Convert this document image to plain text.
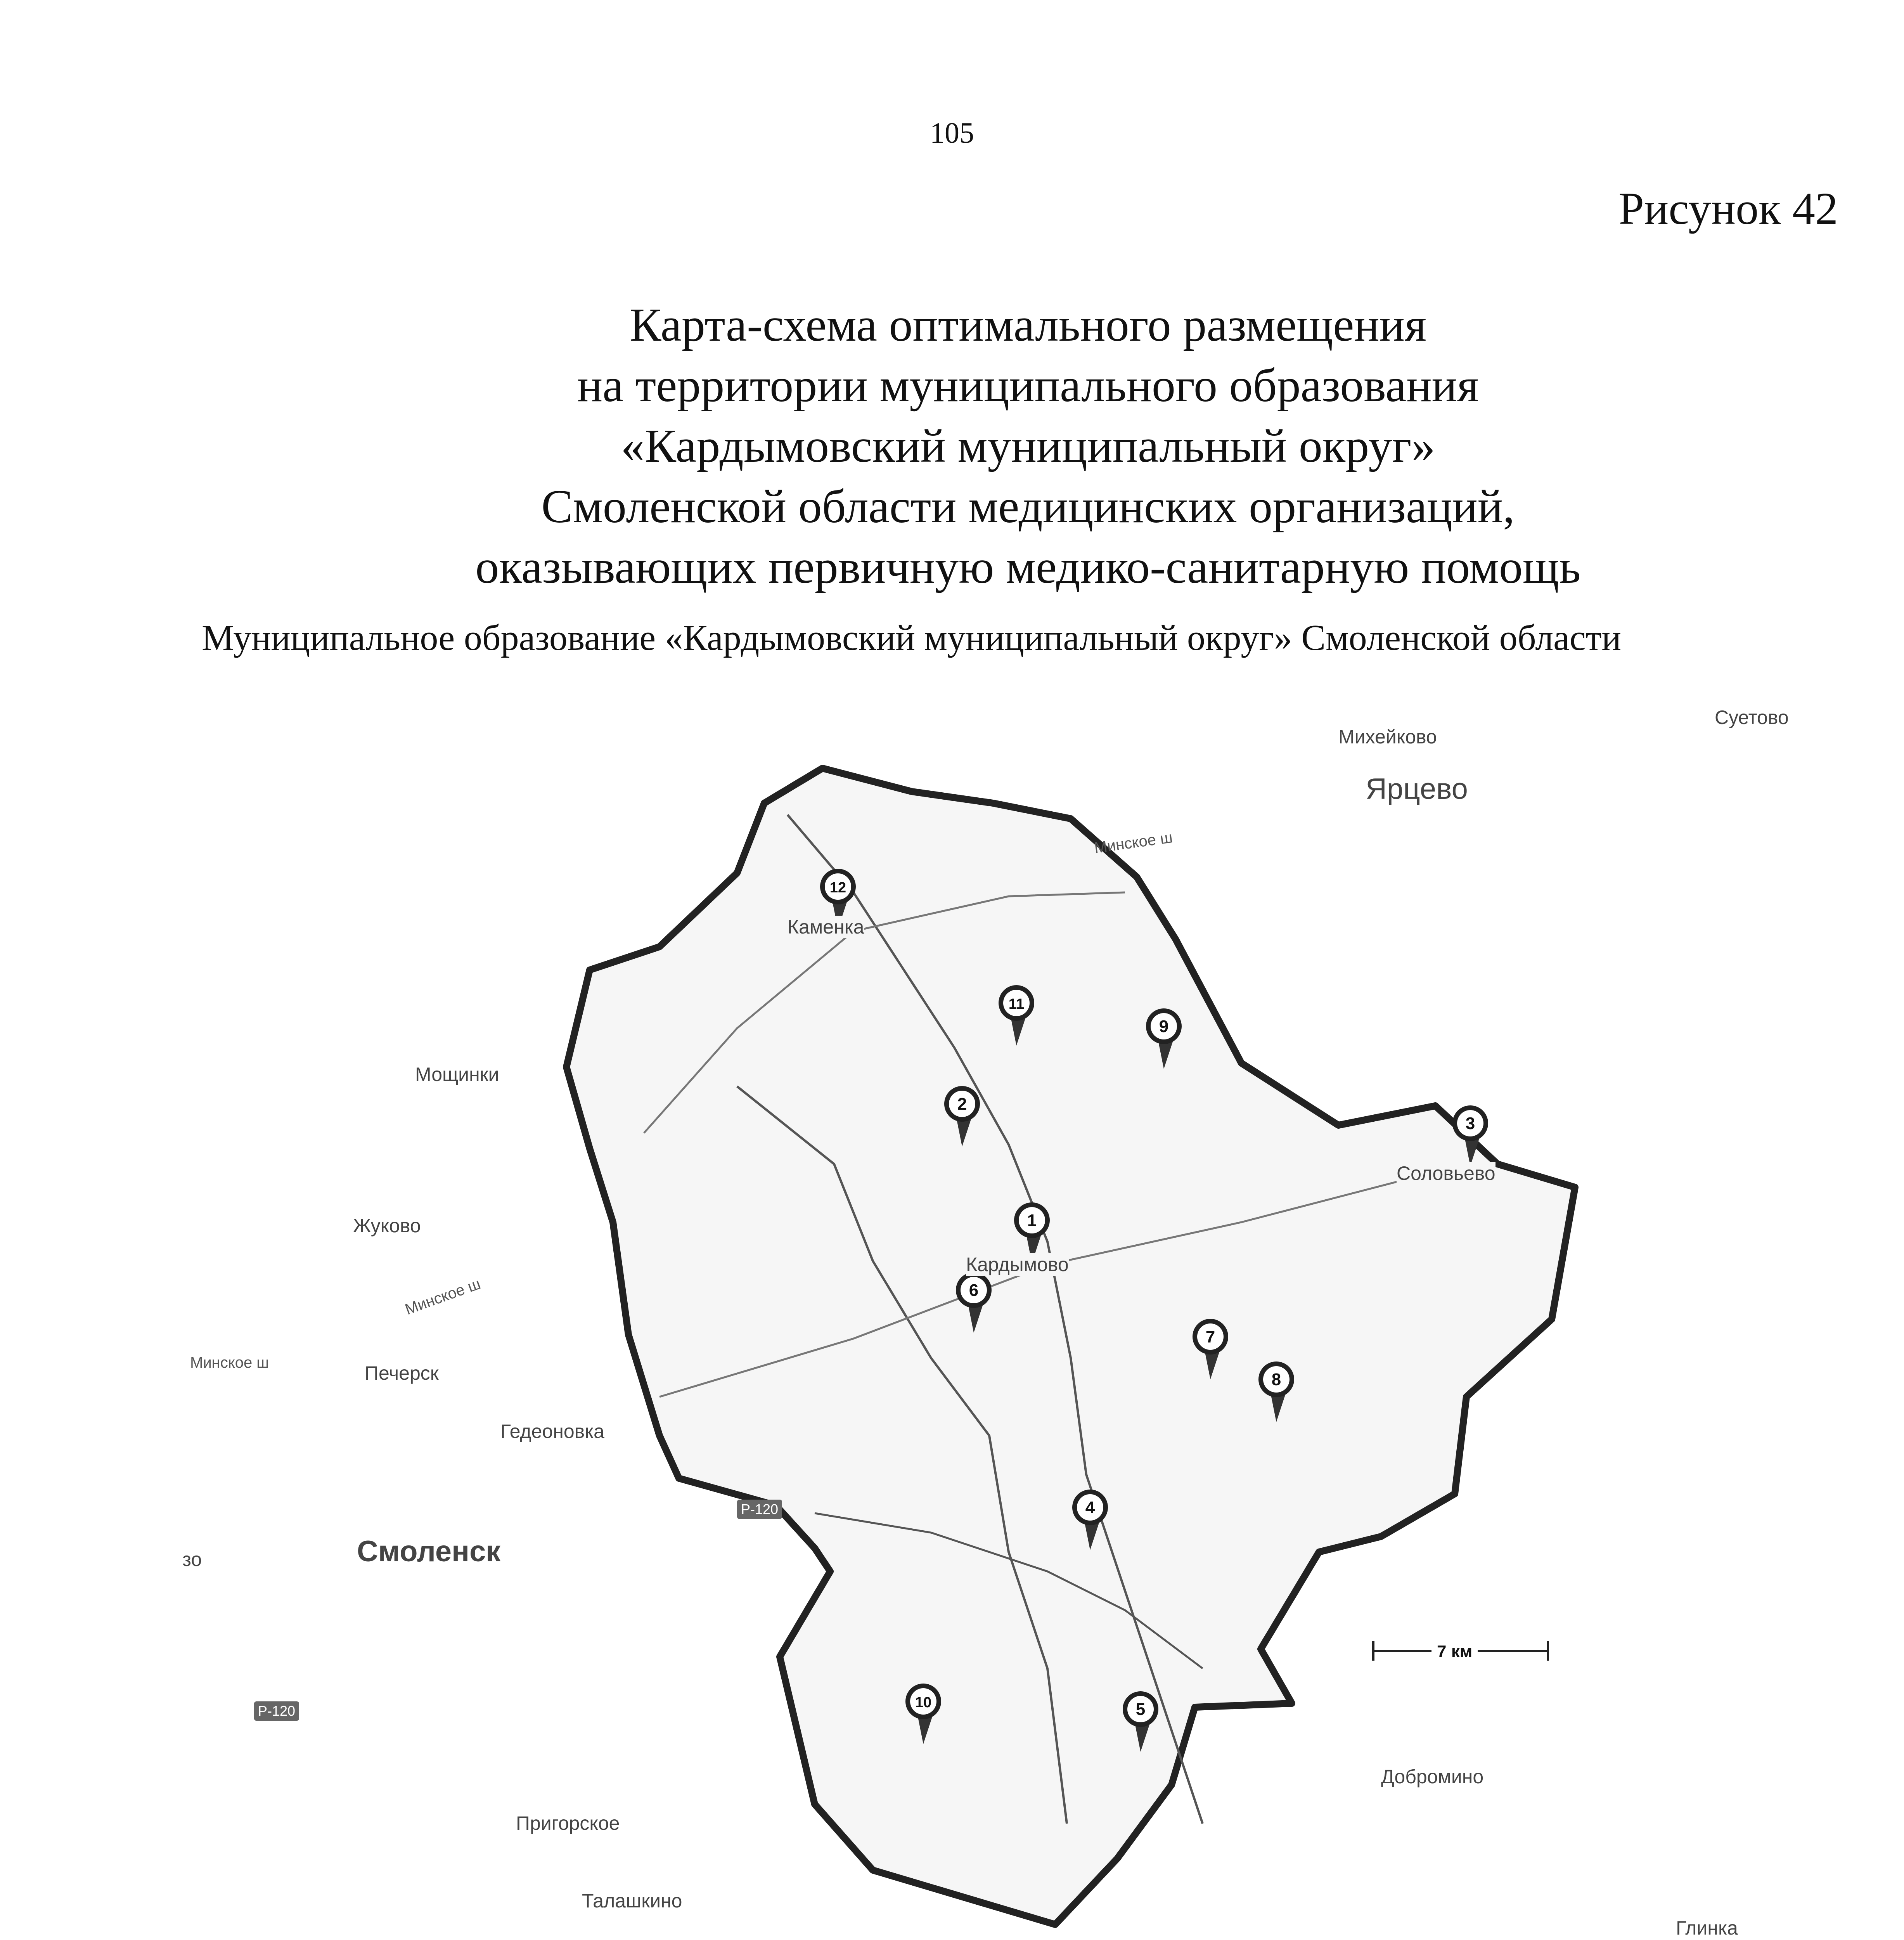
105
Рисунок 42
Карта-схема оптимального размещения
на территории муниципального образования
«Кардымовский муниципальный округ»
Смоленской области медицинских организаций,
оказывающих первичную медико-санитарную помощь
Муниципальное образование «Кардымовский муниципальный округ» Смоленской области
1
2
3
4
5
6
7
8
9
10
11
12
Ярцево
Михейково
Суетово
Мощинки
Жуково
Печерск
Гедеоновка
Смоленск
Каменка
Кардымово
Соловьево
Добромино
Пригорское
Талашкино
Глинка
зо
Минское ш
Минское ш
Минское ш
Р-120
Р-120
7 км
